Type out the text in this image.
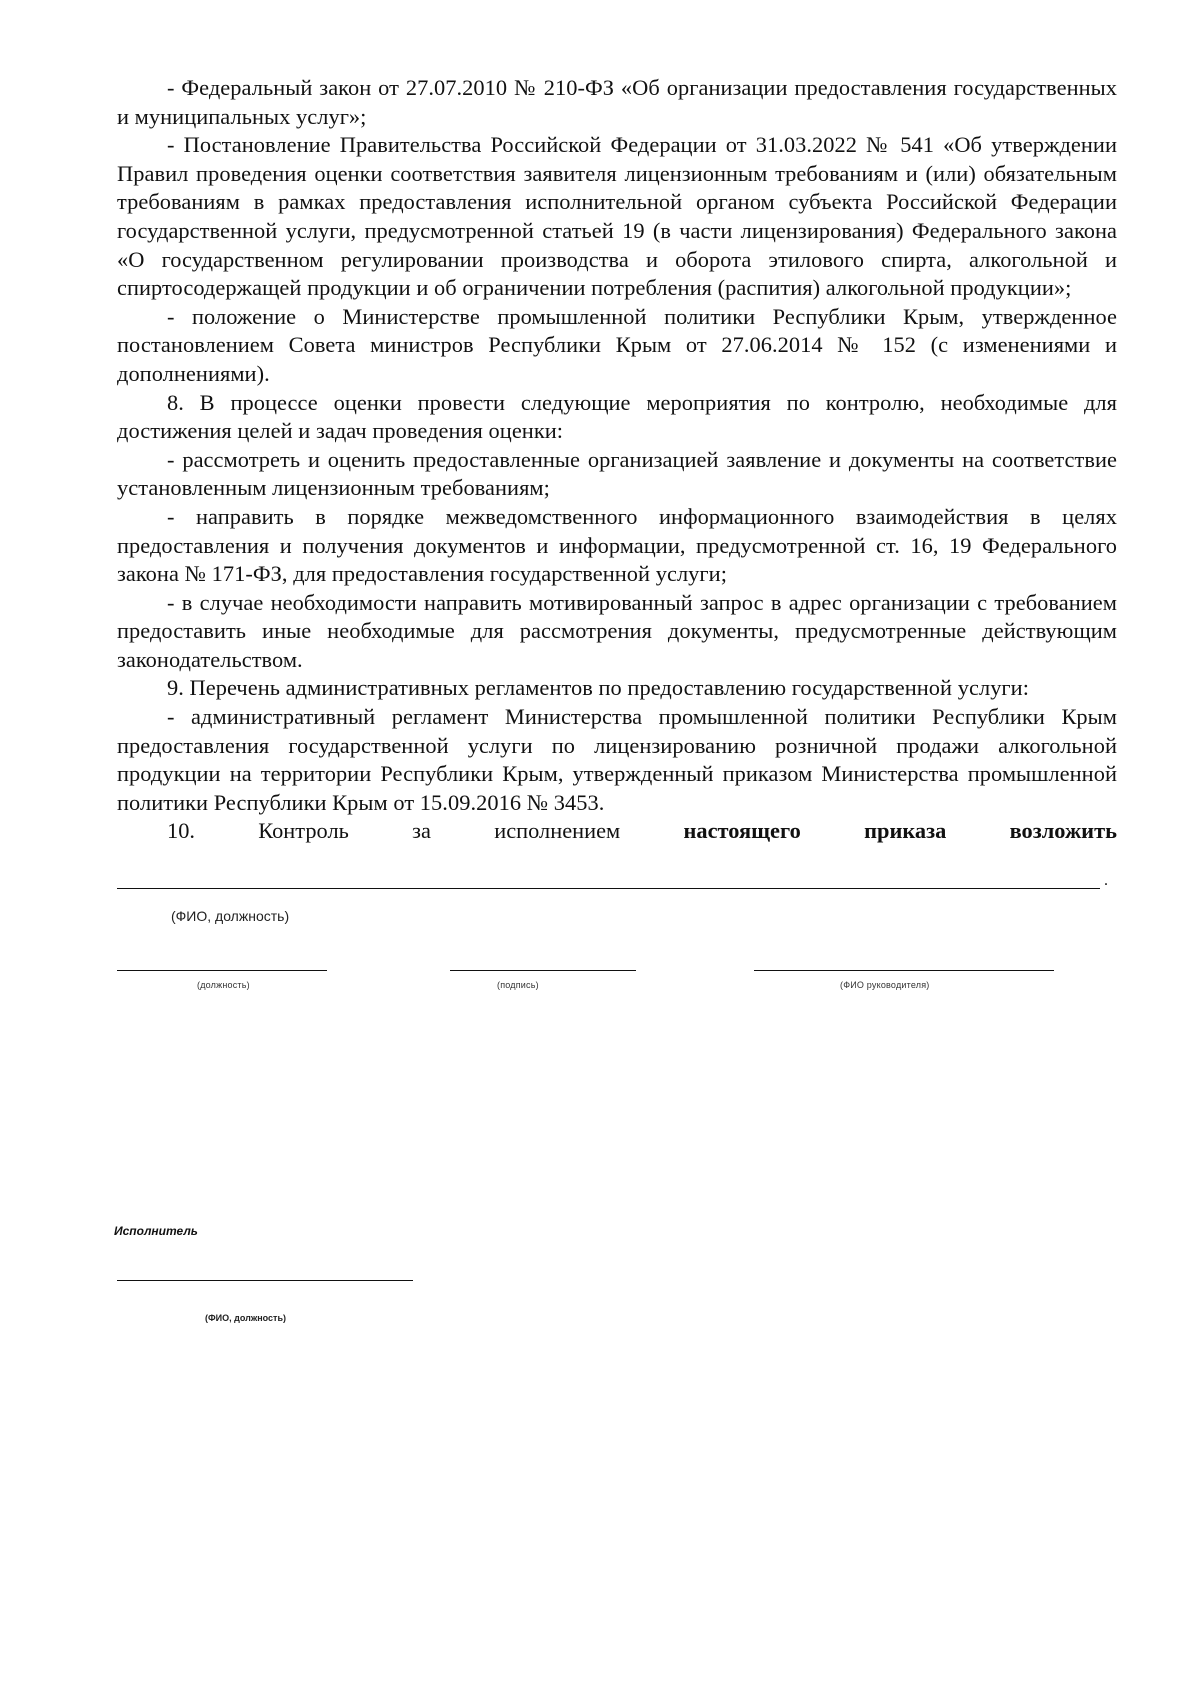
- Федеральный закон от 27.07.2010 № 210-ФЗ «Об организации предоставления государственных и муниципальных услуг»;

- Постановление Правительства Российской Федерации от 31.03.2022 № 541 «Об утверждении Правил проведения оценки соответствия заявителя лицензионным требованиям и (или) обязательным требованиям в рамках предоставления исполнительной органом субъекта Российской Федерации государственной услуги, предусмотренной статьей 19 (в части лицензирования) Федерального закона «О государственном регулировании производства и оборота этилового спирта, алкогольной и спиртосодержащей продукции и об ограничении потребления (распития) алкогольной продукции»;

- положение о Министерстве промышленной политики Республики Крым, утвержденное постановлением Совета министров Республики Крым от 27.06.2014 № 152 (с изменениями и дополнениями).

8. В процессе оценки провести следующие мероприятия по контролю, необходимые для достижения целей и задач проведения оценки:

- рассмотреть и оценить предоставленные организацией заявление и документы на соответствие установленным лицензионным требованиям;

- направить в порядке межведомственного информационного взаимодействия в целях предоставления и получения документов и информации, предусмотренной ст. 16, 19 Федерального закона № 171-ФЗ, для предоставления государственной услуги;

- в случае необходимости направить мотивированный запрос в адрес организации с требованием предоставить иные необходимые для рассмотрения документы, предусмотренные действующим законодательством.

9. Перечень административных регламентов по предоставлению государственной услуги:

- административный регламент Министерства промышленной политики Республики Крым предоставления государственной услуги по лицензированию розничной продажи алкогольной продукции на территории Республики Крым, утвержденный приказом Министерства промышленной политики Республики Крым от 15.09.2016 № 3453.

10.	Контроль	за	исполнением	настоящего	приказа	возложить
.
(ФИО, должность)
(должность)	(подпись)	(ФИО руководителя)
Исполнитель
(ФИО, должность)
